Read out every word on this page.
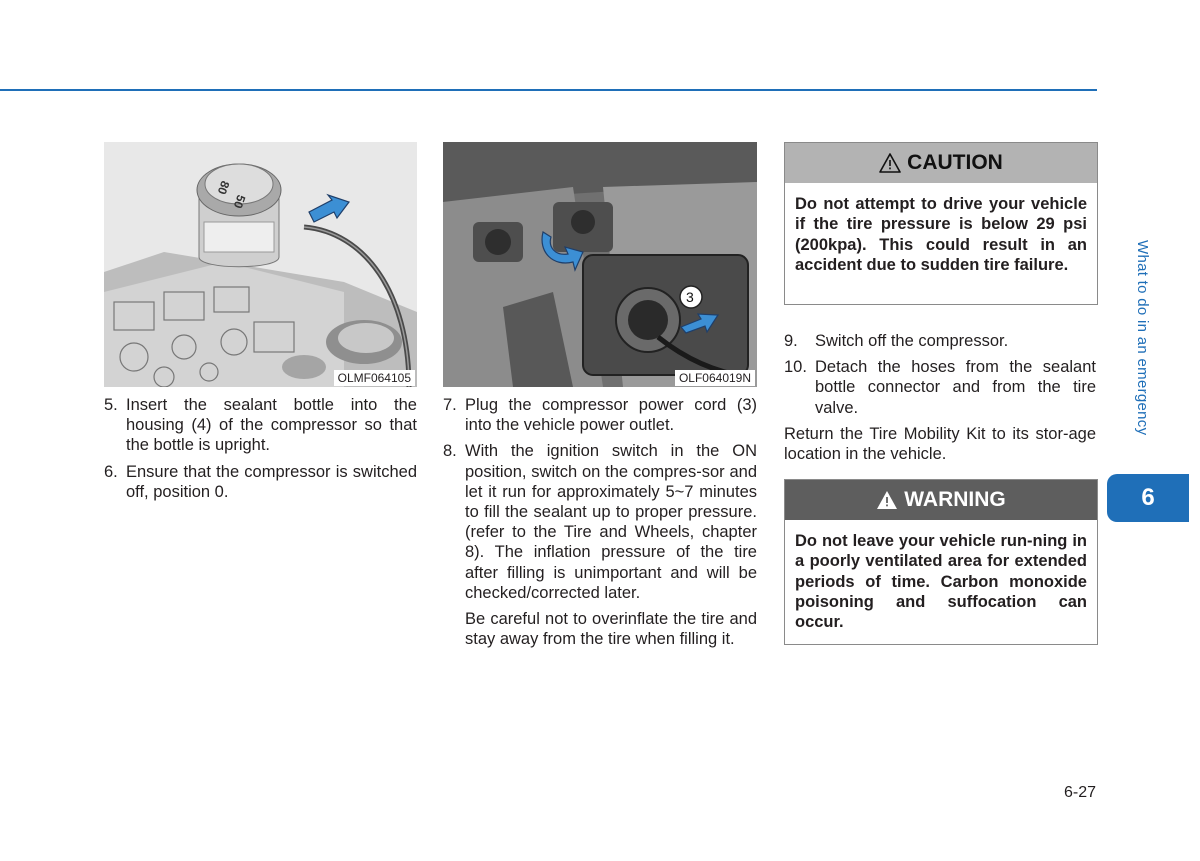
80
50
OLMF064105
3
OLF064019N
5. Insert the sealant bottle into the housing (4) of the compressor so that the bottle is upright.
6. Ensure that the compressor is switched off, position 0.
7. Plug the compressor power cord (3) into the vehicle power outlet.
8. With the ignition switch in the ON position, switch on the compres-sor and let it run for approximately 5~7 minutes to fill the sealant up to proper pressure. (refer to the Tire and Wheels, chapter 8). The inflation pressure of the tire after filling is unimportant and will be checked/corrected later.
Be careful not to overinflate the tire and stay away from the tire when filling it.
CAUTION
Do not attempt to drive your vehicle if the tire pressure is below 29 psi (200kpa). This could result in an accident due to sudden tire failure.
9.	Switch off the compressor.
10. Detach the hoses from the sealant bottle connector and from the tire valve.
Return the Tire Mobility Kit to its stor-age location in the vehicle.
WARNING
Do not leave your vehicle run-ning in a poorly ventilated area for extended periods of time. Carbon monoxide poisoning and suffocation can occur.
What to do in an emergency
6
6-27
